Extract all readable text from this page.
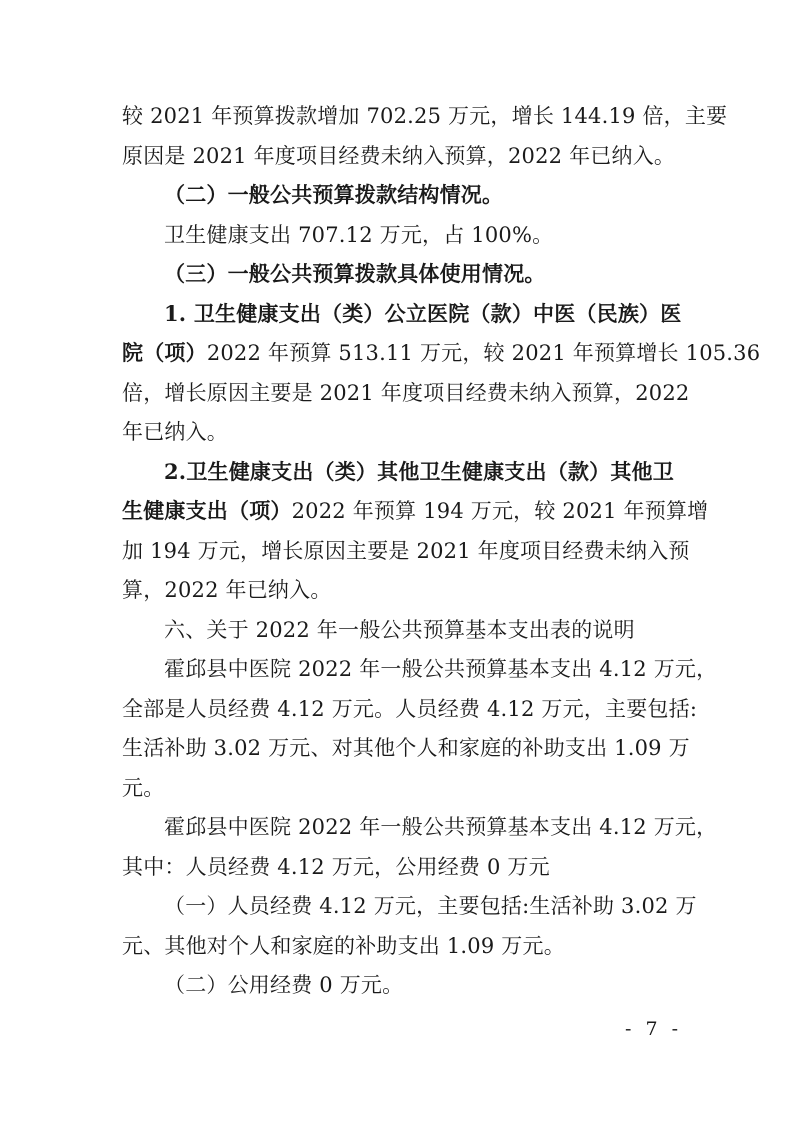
较 2021 年预算拨款增加 702.25 万元，增长 144.19 倍，主要
原因是 2021 年度项目经费未纳入预算，2022 年已纳入。
（二）一般公共预算拨款结构情况。
卫生健康支出 707.12 万元，占 100%。
（三）一般公共预算拨款具体使用情况。
1. 卫生健康支出（类）公立医院（款）中医（民族）医
院（项）2022 年预算 513.11 万元，较 2021 年预算增长 105.36
倍，增长原因主要是 2021 年度项目经费未纳入预算，2022
年已纳入。
2.卫生健康支出（类）其他卫生健康支出（款）其他卫
生健康支出（项）2022 年预算 194 万元，较 2021 年预算增
加 194 万元，增长原因主要是 2021 年度项目经费未纳入预
算，2022 年已纳入。
六、关于 2022 年一般公共预算基本支出表的说明
霍邱县中医院 2022 年一般公共预算基本支出 4.12 万元，
全部是人员经费 4.12 万元。人员经费 4.12 万元，主要包括:
生活补助 3.02 万元、对其他个人和家庭的补助支出 1.09 万
元。
霍邱县中医院 2022 年一般公共预算基本支出 4.12 万元，
其中：人员经费 4.12 万元，公用经费 0 万元
（一）人员经费 4.12 万元，主要包括:生活补助 3.02 万
元、其他对个人和家庭的补助支出 1.09 万元。
（二）公用经费 0 万元。
- 7 -
